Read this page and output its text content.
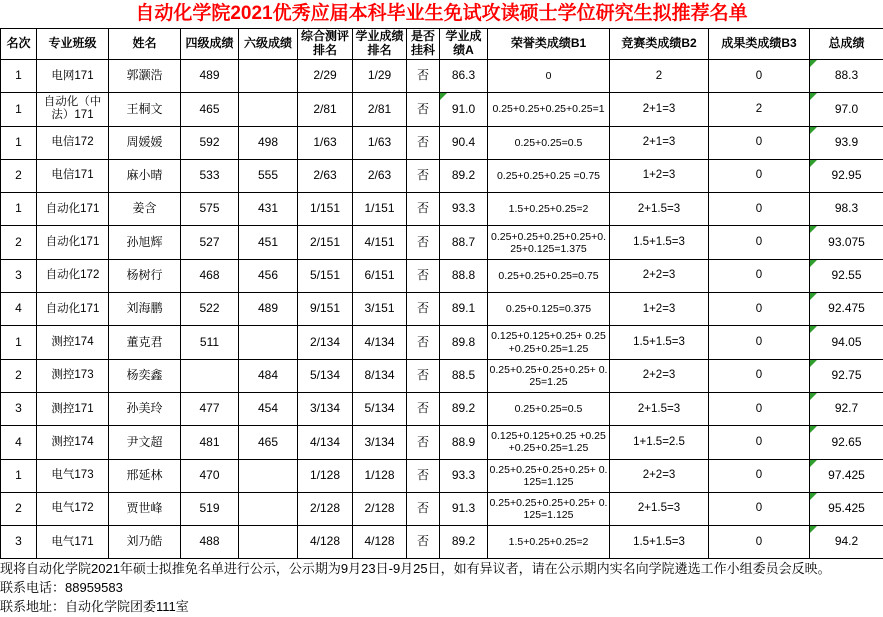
自动化学院2021优秀应届本科毕业生免试攻读硕士学位研究生拟推荐名单
名次	专业班级	姓名	四级成绩	六级成绩	综合测评排名	学业成绩排名	是否挂科	学业成绩A	荣誉类成绩B1	竞赛类成绩B2	成果类成绩B3	总成绩
1	电网171	郭灏浩	489		2/29	1/29	否	86.3	0	2	0	88.3

1	自动化（中法）171	王桐文	465		2/81	2/81	否	91.0	0.25+0.25+0.25+0.25=1	2+1=3	2	97.0

1	电信172	周媛媛	592	498	1/63	1/63	否	90.4	0.25+0.25=0.5	2+1=3	0	93.9

2	电信171	麻小晴	533	555	2/63	2/63	否	89.2	0.25+0.25+0.25 =0.75	1+2=3	0	92.95

1	自动化171	姜含	575	431	1/151	1/151	否	93.3	1.5+0.25+0.25=2	2+1.5=3	0	98.3
2	自动化171	孙旭辉	527	451	2/151	4/151	否	88.7	0.25+0.25+0.25+0.25+0.25+0.125=1.375	1.5+1.5=3	0	93.075

3	自动化172	杨树行	468	456	5/151	6/151	否	88.8	0.25+0.25+0.25=0.75	2+2=3	0	92.55

4	自动化171	刘海鹏	522	489	9/151	3/151	否	89.1	0.25+0.125=0.375	1+2=3	0	92.475

1	测控174	董克君	511		2/134	4/134	否	89.8	0.125+0.125+0.25+ 0.25+0.25+0.25=1.25	1.5+1.5=3	0	94.05

2	测控173	杨奕鑫		484	5/134	8/134	否	88.5	0.25+0.25+0.25+0.25+ 0.25=1.25	2+2=3	0	92.75

3	测控171	孙美玲	477	454	3/134	5/134	否	89.2	0.25+0.25=0.5	2+1.5=3	0	92.7

4	测控174	尹文超	481	465	4/134	3/134	否	88.9	0.125+0.125+0.25 +0.25+0.25+0.25=1.25	1+1.5=2.5	0	92.65

1	电气173	邢延林	470		1/128	1/128	否	93.3	0.25+0.25+0.25+0.25+ 0.125=1.125	2+2=3	0	97.425

2	电气172	贾世峰	519		2/128	2/128	否	91.3	0.25+0.25+0.25+0.25+ 0.125=1.125	2+1.5=3	0	95.425

3	电气171	刘乃皓	488		4/128	4/128	否	89.2	1.5+0.25+0.25=2	1.5+1.5=3	0	94.2
现将自动化学院2021年硕士拟推免名单进行公示，公示期为9月23日-9月25日，如有异议者，请在公示期内实名向学院遴选工作小组委员会反映。
联系电话：88959583
联系地址：自动化学院团委111室
